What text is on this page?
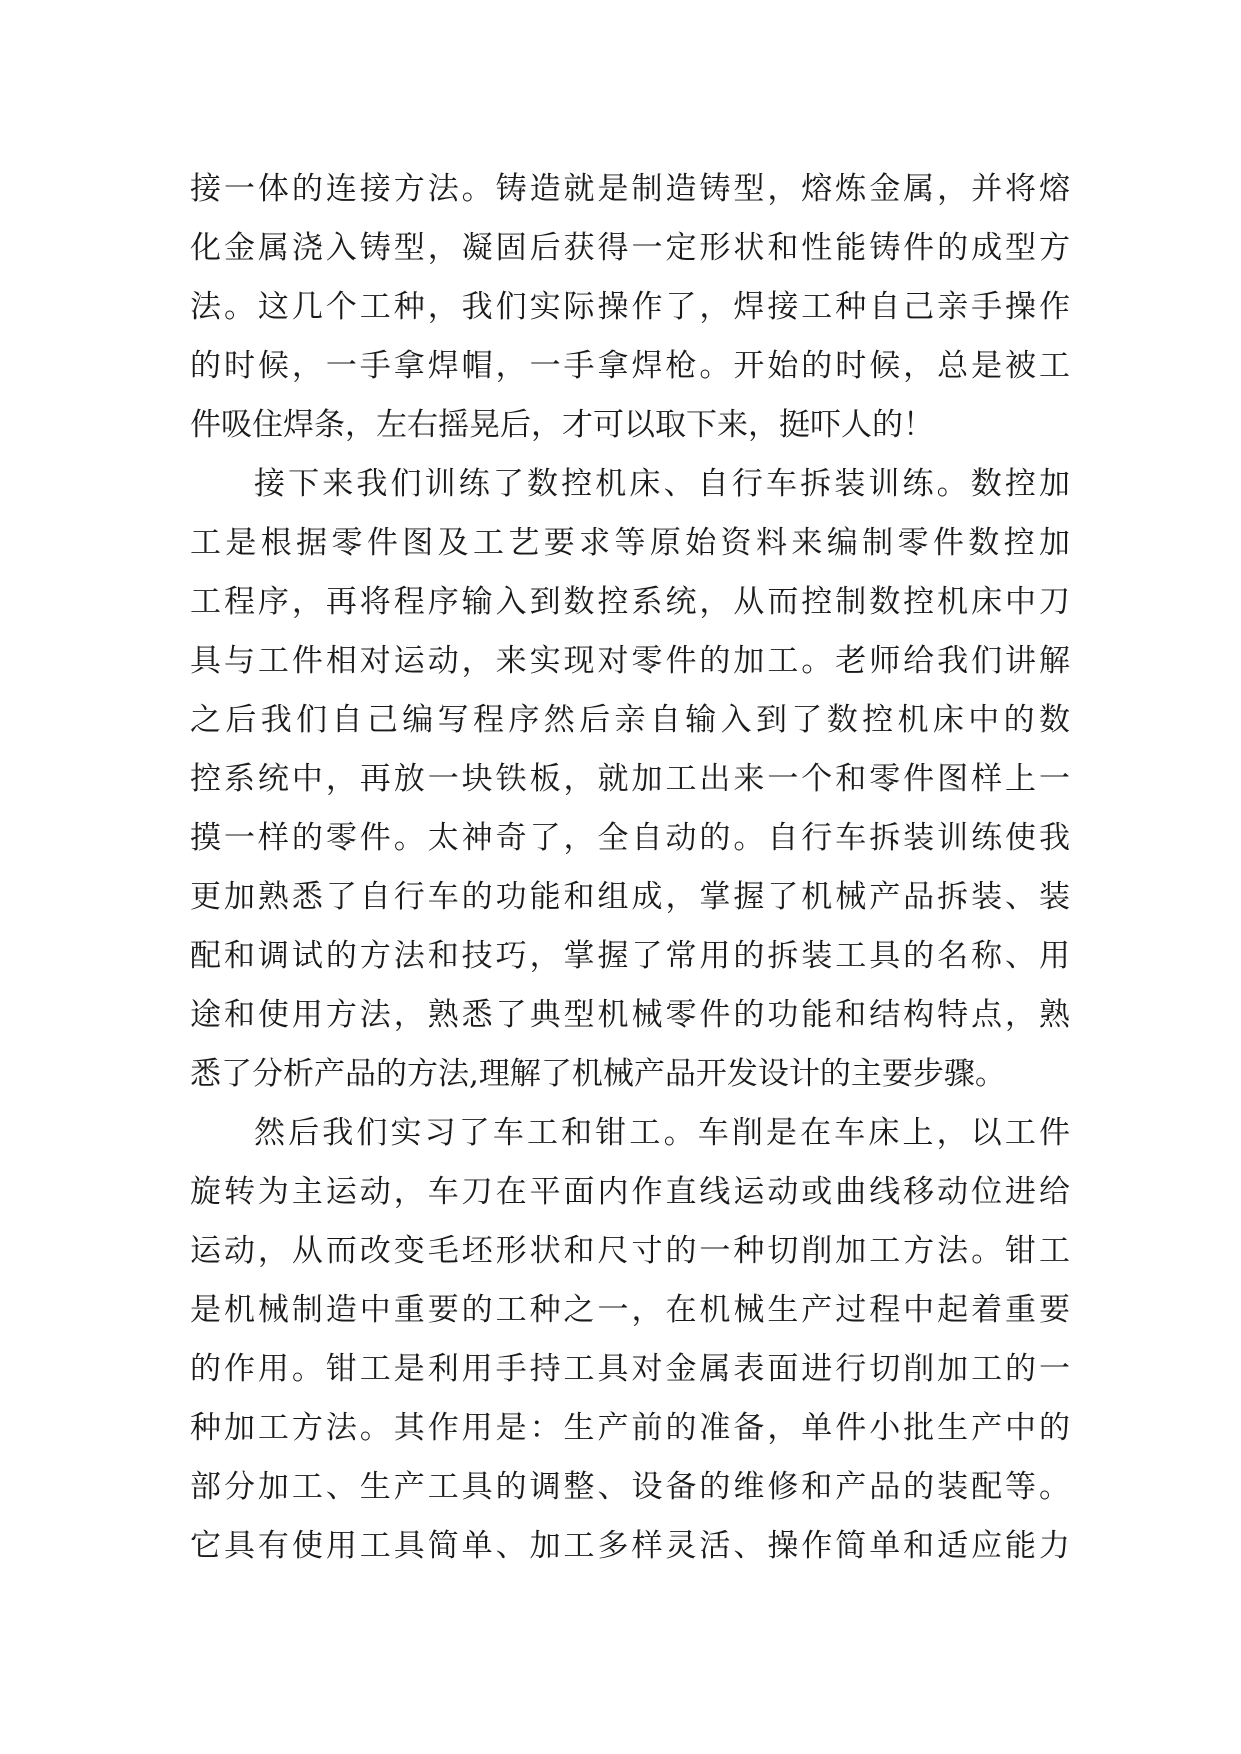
接一体的连接方法。铸造就是制造铸型，熔炼金属，并将熔
化金属浇入铸型，凝固后获得一定形状和性能铸件的成型方
法。这几个工种，我们实际操作了，焊接工种自己亲手操作
的时候，一手拿焊帽，一手拿焊枪。开始的时候，总是被工
件吸住焊条，左右摇晃后，才可以取下来，挺吓人的！
接下来我们训练了数控机床、自行车拆装训练。数控加
工是根据零件图及工艺要求等原始资料来编制零件数控加
工程序，再将程序输入到数控系统，从而控制数控机床中刀
具与工件相对运动，来实现对零件的加工。老师给我们讲解
之后我们自己编写程序然后亲自输入到了数控机床中的数
控系统中，再放一块铁板，就加工出来一个和零件图样上一
摸一样的零件。太神奇了，全自动的。自行车拆装训练使我
更加熟悉了自行车的功能和组成，掌握了机械产品拆装、装
配和调试的方法和技巧，掌握了常用的拆装工具的名称、用
途和使用方法，熟悉了典型机械零件的功能和结构特点，熟
悉了分析产品的方法,理解了机械产品开发设计的主要步骤。
然后我们实习了车工和钳工。车削是在车床上，以工件
旋转为主运动，车刀在平面内作直线运动或曲线移动位进给
运动，从而改变毛坯形状和尺寸的一种切削加工方法。钳工
是机械制造中重要的工种之一，在机械生产过程中起着重要
的作用。钳工是利用手持工具对金属表面进行切削加工的一
种加工方法。其作用是：生产前的准备，单件小批生产中的
部分加工、生产工具的调整、设备的维修和产品的装配等。
它具有使用工具简单、加工多样灵活、操作简单和适应能力
